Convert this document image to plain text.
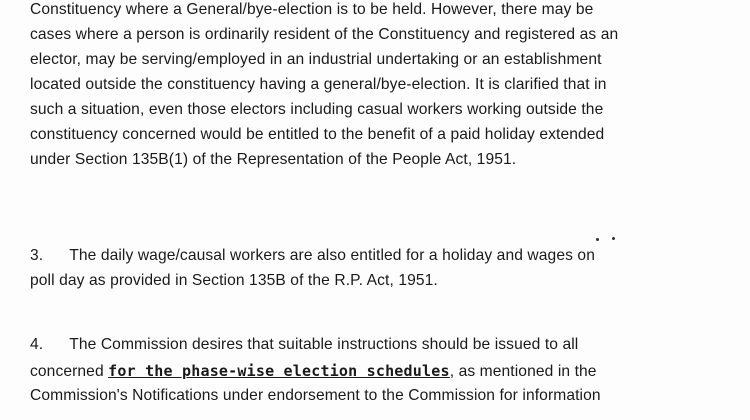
Constituency where a General/bye-election is to be held. However, there may be
cases where a person is ordinarily resident of the Constituency and registered as an
elector, may be serving/employed in an industrial undertaking or an establishment
located outside the constituency having a general/bye-election. It is clarified that in
such a situation, even those electors including casual workers working outside the
constituency concerned would be entitled to the benefit of a paid holiday extended
under Section 135B(1) of the Representation of the People Act, 1951.
3. The daily wage/causal workers are also entitled for a holiday and wages on
poll day as provided in Section 135B of the R.P. Act, 1951.
4. The Commission desires that suitable instructions should be issued to all
concerned for the phase-wise election schedules, as mentioned in the
Commission's Notifications under endorsement to the Commission for information
